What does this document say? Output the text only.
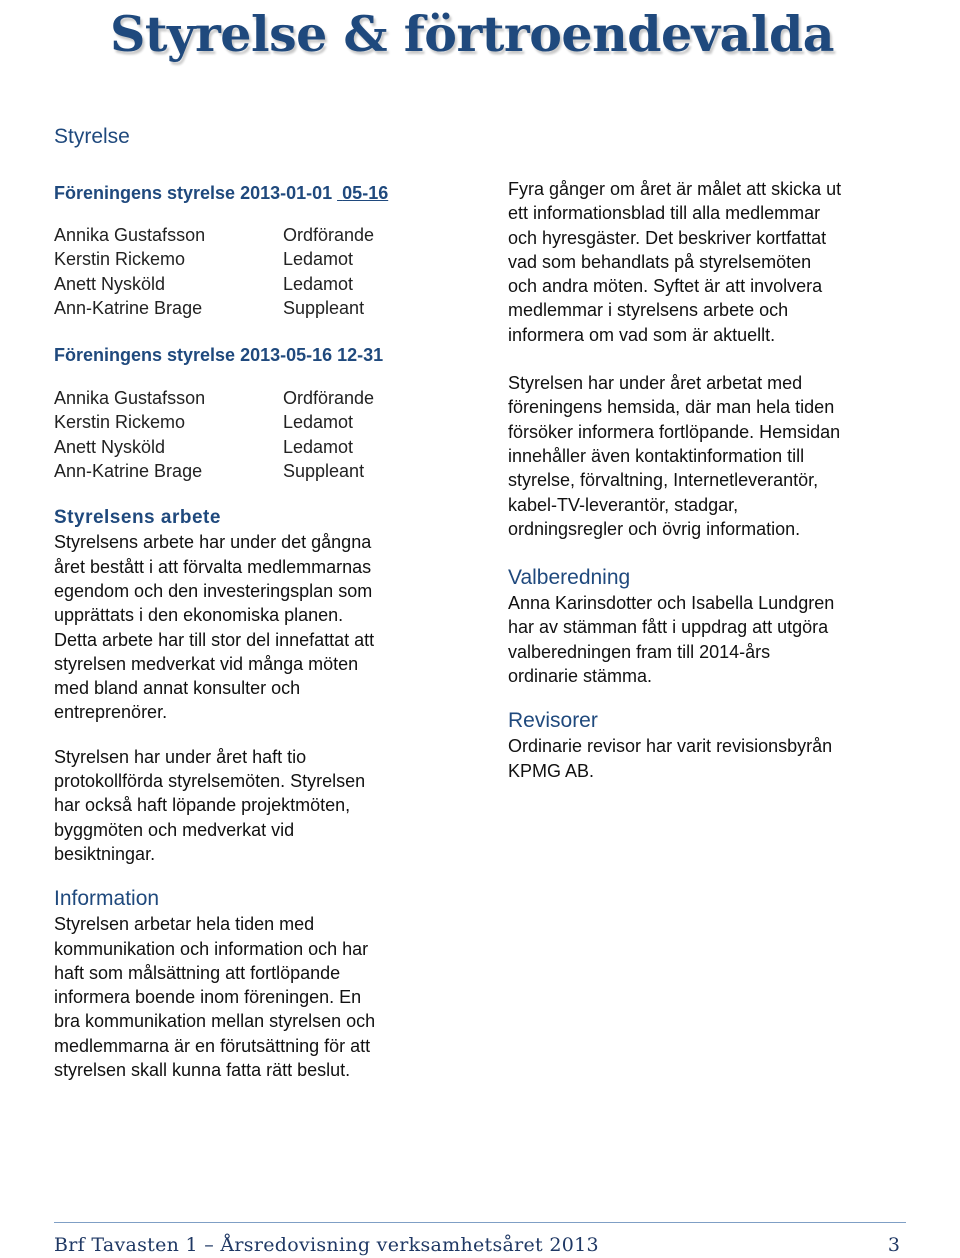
Styrelse & förtroendevalda
Styrelse
Föreningens styrelse 2013-01-01 05-16
Annika Gustafsson	Ordförande
Kerstin Rickemo	Ledamot
Anett Nysköld	Ledamot
Ann-Katrine Brage	Suppleant
Föreningens styrelse 2013-05-16 12-31
Annika Gustafsson	Ordförande
Kerstin Rickemo	Ledamot
Anett Nysköld	Ledamot
Ann-Katrine Brage	Suppleant
Styrelsens arbete

Styrelsens arbete har under det gångna
året bestått i att förvalta medlemmarnas
egendom och den investeringsplan som
upprättats i den ekonomiska planen.
Detta arbete har till stor del innefattat att
styrelsen medverkat vid många möten
med bland annat konsulter och
entreprenörer.

Styrelsen har under året haft tio
protokollförda styrelsemöten. Styrelsen
har också haft löpande projektmöten,
byggmöten och medverkat vid
besiktningar.

Information

Styrelsen arbetar hela tiden med
kommunikation och information och har
haft som målsättning att fortlöpande
informera boende inom föreningen. En
bra kommunikation mellan styrelsen och
medlemmarna är en förutsättning för att
styrelsen skall kunna fatta rätt beslut.

Fyra gånger om året är målet att skicka ut
ett informationsblad till alla medlemmar
och hyresgäster. Det beskriver kortfattat
vad som behandlats på styrelsemöten
och andra möten. Syftet är att involvera
medlemmar i styrelsens arbete och
informera om vad som är aktuellt.

Styrelsen har under året arbetat med
föreningens hemsida, där man hela tiden
försöker informera fortlöpande. Hemsidan
innehåller även kontaktinformation till
styrelse, förvaltning, Internetleverantör,
kabel-TV-leverantör, stadgar,
ordningsregler och övrig information.

Valberedning

Anna Karinsdotter och Isabella Lundgren
har av stämman fått i uppdrag att utgöra
valberedningen fram till 2014-års
ordinarie stämma.

Revisorer

Ordinarie revisor har varit revisionsbyrån
KPMG AB.

Brf Tavasten 1 – Årsredovisning verksamhetsåret 2013	3
